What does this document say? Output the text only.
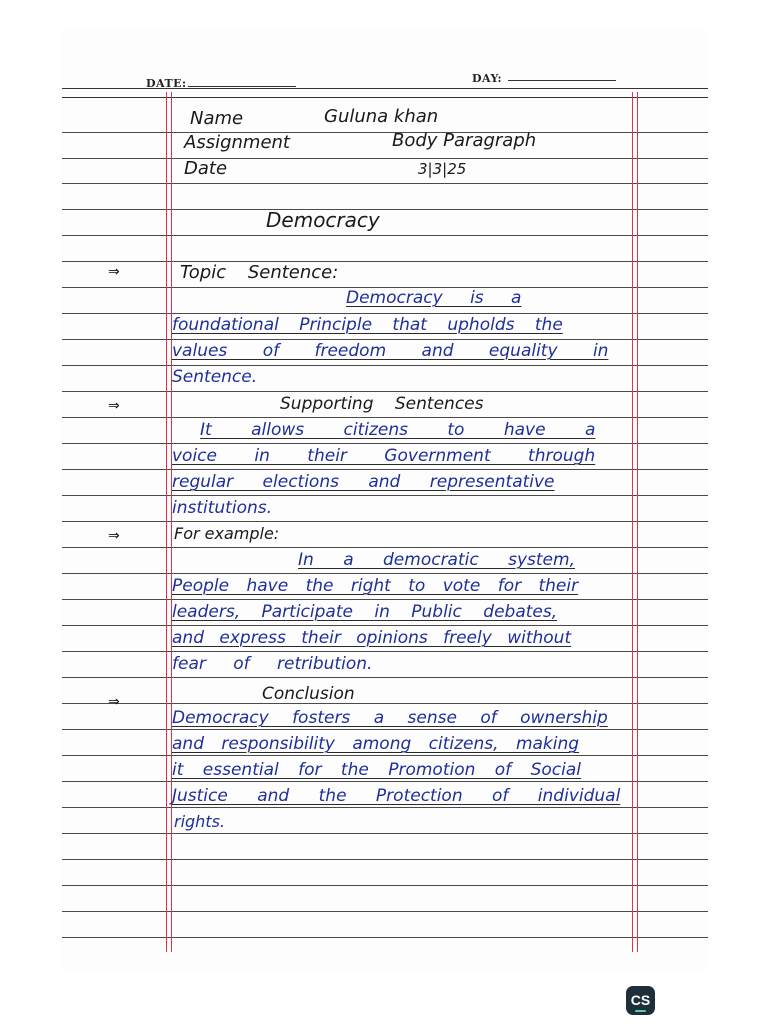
DATE:	DAY:
Name	Guluna khan
Assignment	Body Paragraph
Date	3|3|25
Democracy
⇒	Topic Sentence:
Democracy is a
foundational Principle that upholds the
values of freedom and equality in
Sentence.
⇒	Supporting Sentences
It allows citizens to have a
voice in their Government through
regular elections and representative
institutions.
⇒	For example:
In a democratic system,
People have the right to vote for their
leaders, Participate in Public debates,
and express their opinions freely without
fear of retribution.
⇒	Conclusion
Democracy fosters a sense of ownership
and responsibility among citizens, making
it essential for the Promotion of Social
Justice and the Protection of individual
rights.
CS
